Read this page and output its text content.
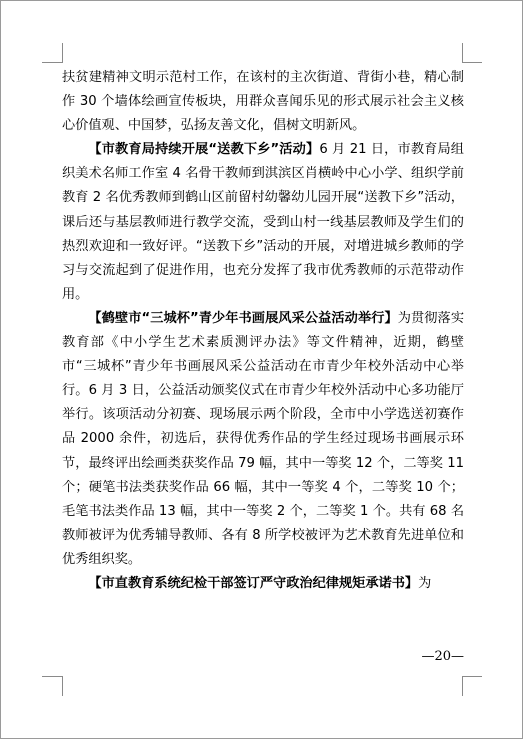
扶贫建精神文明示范村工作，在该村的主次街道、背街小巷，精心制作 30 个墙体绘画宣传板块，用群众喜闻乐见的形式展示社会主义核心价值观、中国梦，弘扬友善文化，倡树文明新风。

【市教育局持续开展“送教下乡”活动】6 月 21 日，市教育局组织美术名师工作室 4 名骨干教师到淇滨区肖横岭中心小学、组织学前教育 2 名优秀教师到鹤山区前留村幼馨幼儿园开展“送教下乡”活动，课后还与基层教师进行教学交流，受到山村一线基层教师及学生们的热烈欢迎和一致好评。“送教下乡”活动的开展，对增进城乡教师的学习与交流起到了促进作用，也充分发挥了我市优秀教师的示范带动作用。

【鹤壁市“三城杯”青少年书画展风采公益活动举行】为贯彻落实教育部《中小学生艺术素质测评办法》等文件精神，近期，鹤壁市“三城杯”青少年书画展风采公益活动在市青少年校外活动中心举行。6 月 3 日，公益活动颁奖仪式在市青少年校外活动中心多功能厅举行。该项活动分初赛、现场展示两个阶段，全市中小学选送初赛作品 2000 余件，初选后，获得优秀作品的学生经过现场书画展示环节，最终评出绘画类获奖作品 79 幅，其中一等奖 12 个，二等奖 11 个；硬笔书法类获奖作品 66 幅，其中一等奖 4 个，二等奖 10 个；毛笔书法类作品 13 幅，其中一等奖 2 个，二等奖 1 个。共有 68 名教师被评为优秀辅导教师、各有 8 所学校被评为艺术教育先进单位和优秀组织奖。

【市直教育系统纪检干部签订严守政治纪律规矩承诺书】为

—20—
